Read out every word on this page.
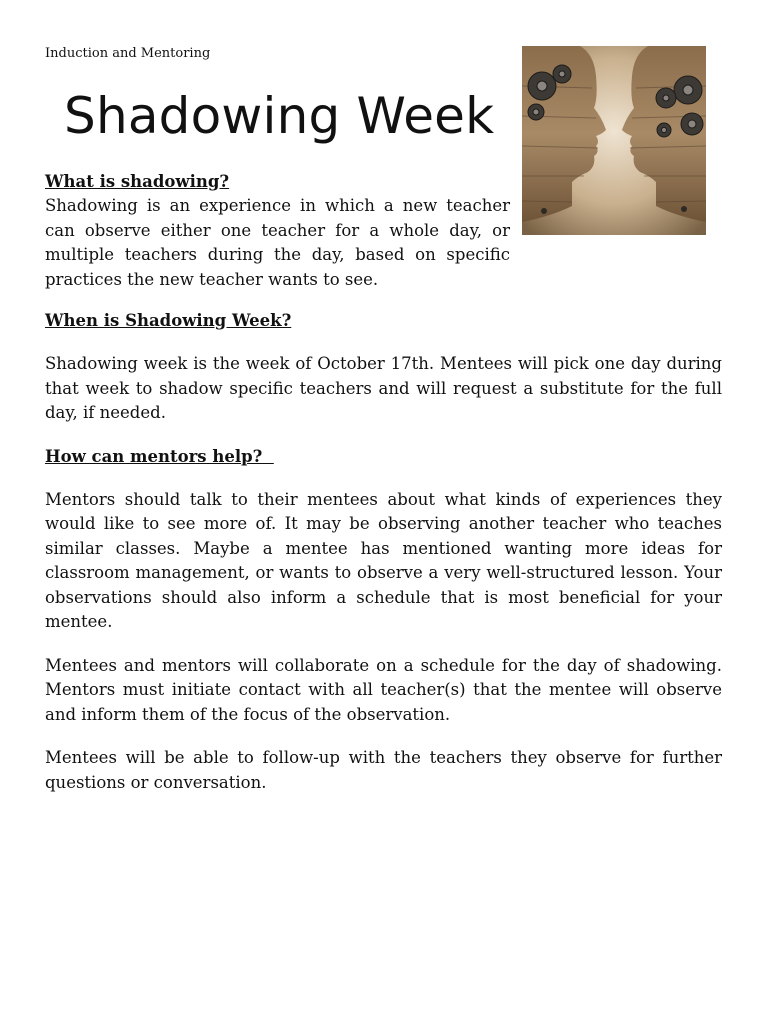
Induction and Mentoring
Shadowing Week

What is shadowing?

Shadowing is an experience in which a new teacher can observe either one teacher for a whole day, or multiple teachers during the day, based on specific practices the new teacher wants to see.

When is Shadowing Week?

Shadowing week is the week of October 17th. Mentees will pick one day during that week to shadow specific teachers and will request a substitute for the full day, if needed.

How can mentors help?

Mentors should talk to their mentees about what kinds of experiences they would like to see more of. It may be observing another teacher who teaches similar classes. Maybe a mentee has mentioned wanting more ideas for classroom management, or wants to observe a very well-structured lesson. Your observations should also inform a schedule that is most beneficial for your mentee.

Mentees and mentors will collaborate on a schedule for the day of shadowing. Mentors must initiate contact with all teacher(s) that the mentee will observe and inform them of the focus of the observation.

Mentees will be able to follow-up with the teachers they observe for further questions or conversation.
